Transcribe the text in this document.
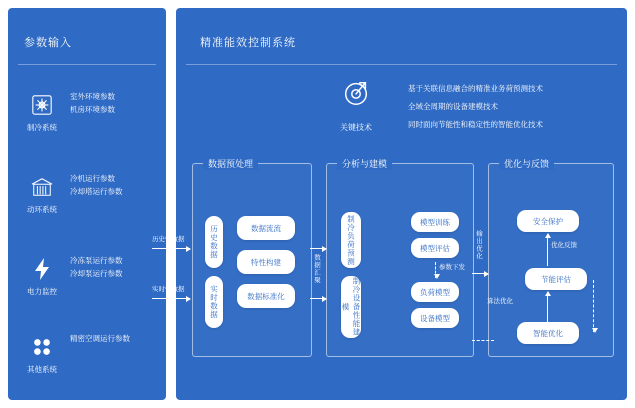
参数输入
制冷系统
室外环境参数
机房环境参数
动环系统
冷机运行参数
冷却塔运行参数
电力监控
冷冻泵运行参数
冷却泵运行参数
其他系统
精密空调运行参数
精准能效控制系统
关键技术
基于关联信息融合的精准业务荷预测技术
全域全周期的设备建模技术
同时面向节能性和稳定性的智能优化技术
数据预处理
历史数据
实时数据
数据流流
特性构建
数据标准化
分析与建模
制冷负荷预测
制冷设备性能建模
模型训练
模型评估
负荷模型
设备模型
参数下发
优化与反馈
安全保护
节能评估
智能优化
优化反馈
算法优化
历史性数据
实时性数据
数据汇聚
输出优化
